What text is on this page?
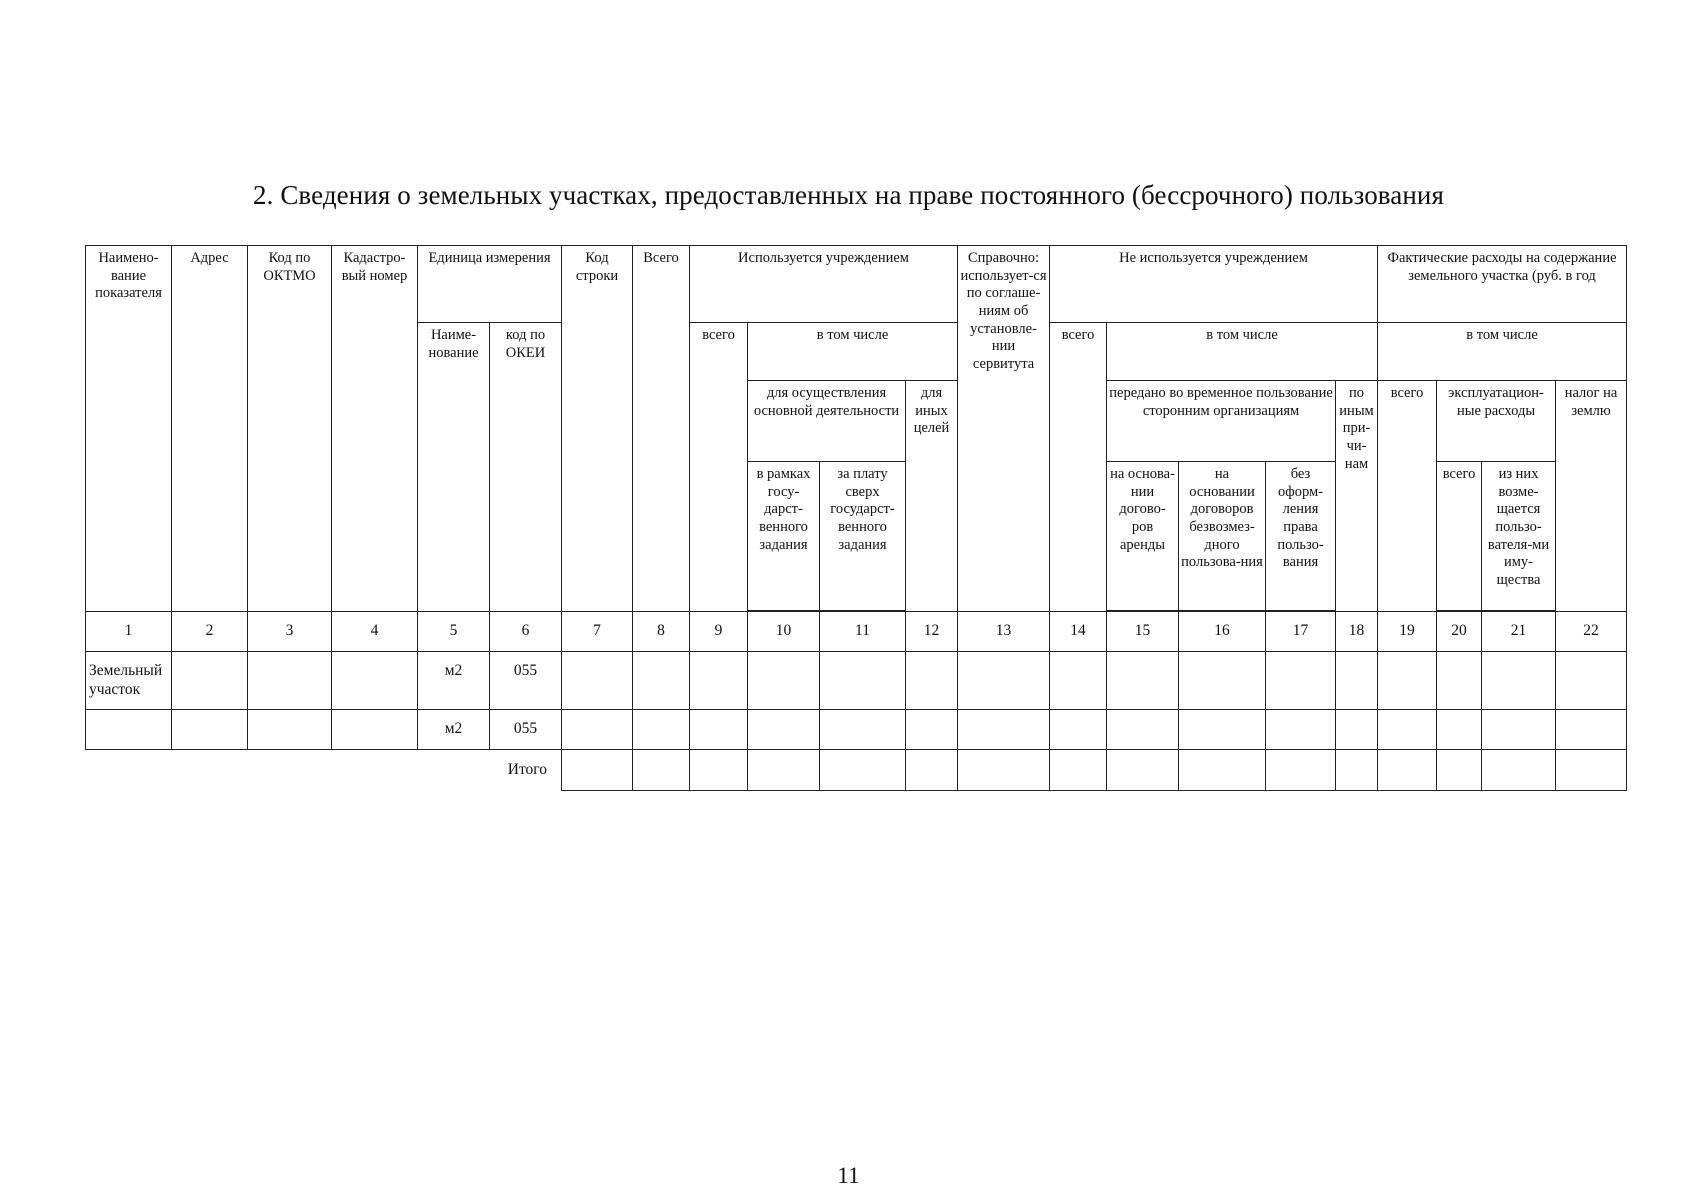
2. Сведения о земельных участках, предоставленных на праве постоянного (бессрочного) пользования
Наимено-вание показателя	Адрес	Код по ОКТМО	Кадастро-вый номер	Единица измерения		Код строки	Всего	Используется учреждением				Справочно: использует-ся по соглаше-ниям об установле-нии сервитута	Не используется учреждением					Фактические расходы на содержание земельного участка (руб. в год			
				Наиме-нование	код по ОКЕИ			всего	в том числе				всего	в том числе				в том числе			
									для осуществления основной деятельности		для иных целей			передано во временное пользование сторонним организациям			по иным при-чи-нам	всего	эксплуатацион-ные расходы		налог на землю
									в рамках госу-дарст-венного задания	за плату сверх государст-венного задания				на основа-нии догово-ров аренды	на основании договоров безвозмез-дного пользова-ния	без оформ-ления права пользо-вания			всего	из них возме-щается пользо-вателя-ми иму-щества	

1	2	3	4	5	6	7	8	9	10	11	12	13	14	15	16	17	18	19	20	21	22
Земельный участок				м2	055																
				м2	055																
					Итого																
11
